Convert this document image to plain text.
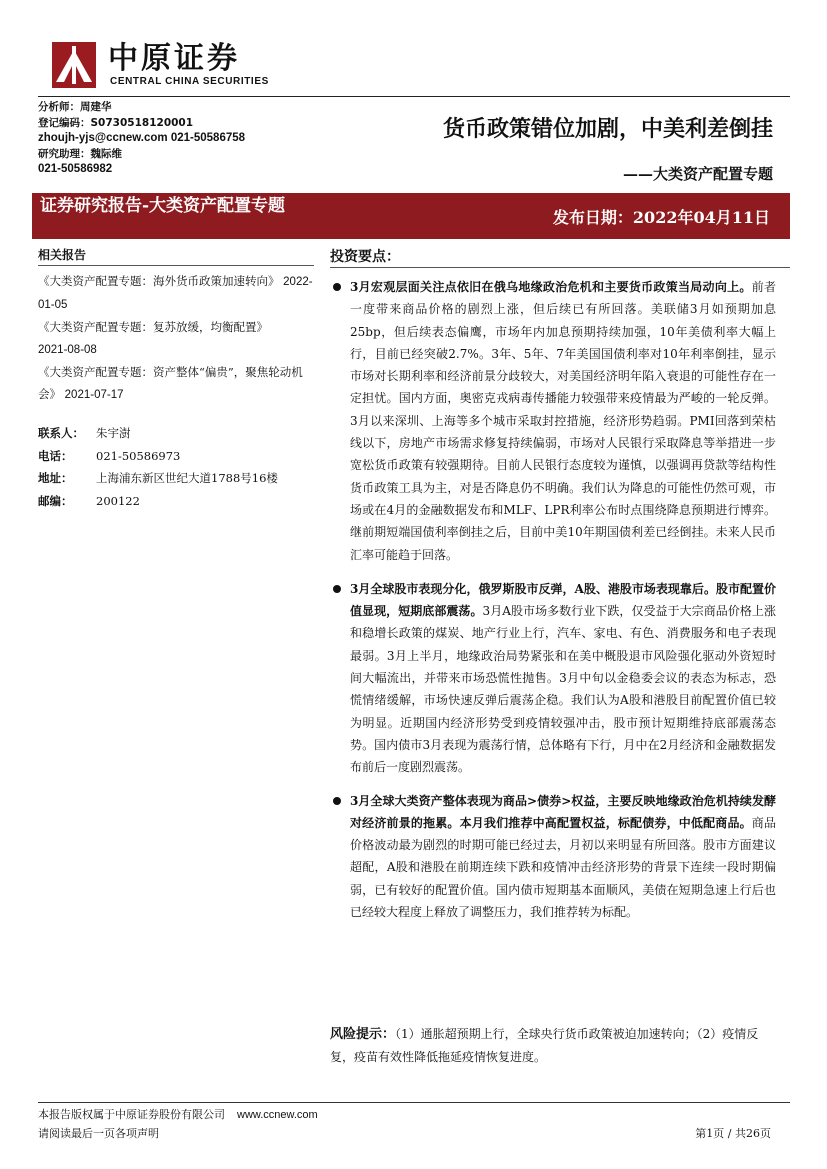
中原证券
CENTRAL CHINA SECURITIES
分析师：周建华
登记编码：S0730518120001
zhoujh-yjs@ccnew.com 021-50586758
研究助理：魏际维
021-50586982
货币政策错位加剧，中美利差倒挂
——大类资产配置专题
证券研究报告-大类资产配置专题
发布日期：2022年04月11日
相关报告
《大类资产配置专题：海外货币政策加速转向》 2022-01-05
《大类资产配置专题：复苏放缓，均衡配置》
2021-08-08
《大类资产配置专题：资产整体“偏贵”，聚焦轮动机会》 2021-07-17
联系人：	朱宇澍
电话：	021-50586973
地址：	上海浦东新区世纪大道1788号16楼
邮编：	200122
投资要点：
3月宏观层面关注点依旧在俄乌地缘政治危机和主要货币政策当局动向上。前者一度带来商品价格的剧烈上涨，但后续已有所回落。美联储3月如预期加息25bp，但后续表态偏鹰，市场年内加息预期持续加强，10年美债利率大幅上行，目前已经突破2.7%。3年、5年、7年美国国债利率对10年利率倒挂，显示市场对长期利率和经济前景分歧较大，对美国经济明年陷入衰退的可能性存在一定担忧。国内方面，奥密克戎病毒传播能力较强带来疫情最为严峻的一轮反弹。3月以来深圳、上海等多个城市采取封控措施，经济形势趋弱。PMI回落到荣枯线以下，房地产市场需求修复持续偏弱，市场对人民银行采取降息等举措进一步宽松货币政策有较强期待。目前人民银行态度较为谨慎，以强调再贷款等结构性货币政策工具为主，对是否降息仍不明确。我们认为降息的可能性仍然可观，市场或在4月的金融数据发布和MLF、LPR利率公布时点围绕降息预期进行博弈。继前期短端国债利率倒挂之后，目前中美10年期国债利差已经倒挂。未来人民币汇率可能趋于回落。
3月全球股市表现分化，俄罗斯股市反弹，A股、港股市场表现靠后。股市配置价值显现，短期底部震荡。3月A股市场多数行业下跌，仅受益于大宗商品价格上涨和稳增长政策的煤炭、地产行业上行，汽车、家电、有色、消费服务和电子表现最弱。3月上半月，地缘政治局势紧张和在美中概股退市风险强化驱动外资短时间大幅流出，并带来市场恐慌性抛售。3月中旬以金稳委会议的表态为标志，恐慌情绪缓解，市场快速反弹后震荡企稳。我们认为A股和港股目前配置价值已较为明显。近期国内经济形势受到疫情较强冲击，股市预计短期维持底部震荡态势。国内债市3月表现为震荡行情，总体略有下行，月中在2月经济和金融数据发布前后一度剧烈震荡。
3月全球大类资产整体表现为商品>债券>权益，主要反映地缘政治危机持续发酵对经济前景的拖累。本月我们推荐中高配置权益，标配债券，中低配商品。商品价格波动最为剧烈的时期可能已经过去，月初以来明显有所回落。股市方面建议超配，A股和港股在前期连续下跌和疫情冲击经济形势的背景下连续一段时期偏弱，已有较好的配置价值。国内债市短期基本面顺风，美债在短期急速上行后也已经较大程度上释放了调整压力，我们推荐转为标配。
风险提示：（1）通胀超预期上行，全球央行货币政策被迫加速转向；（2）疫情反复，疫苗有效性降低拖延疫情恢复进度。
本报告版权属于中原证券股份有限公司 www.ccnew.com
请阅读最后一页各项声明	第1页 / 共26页
